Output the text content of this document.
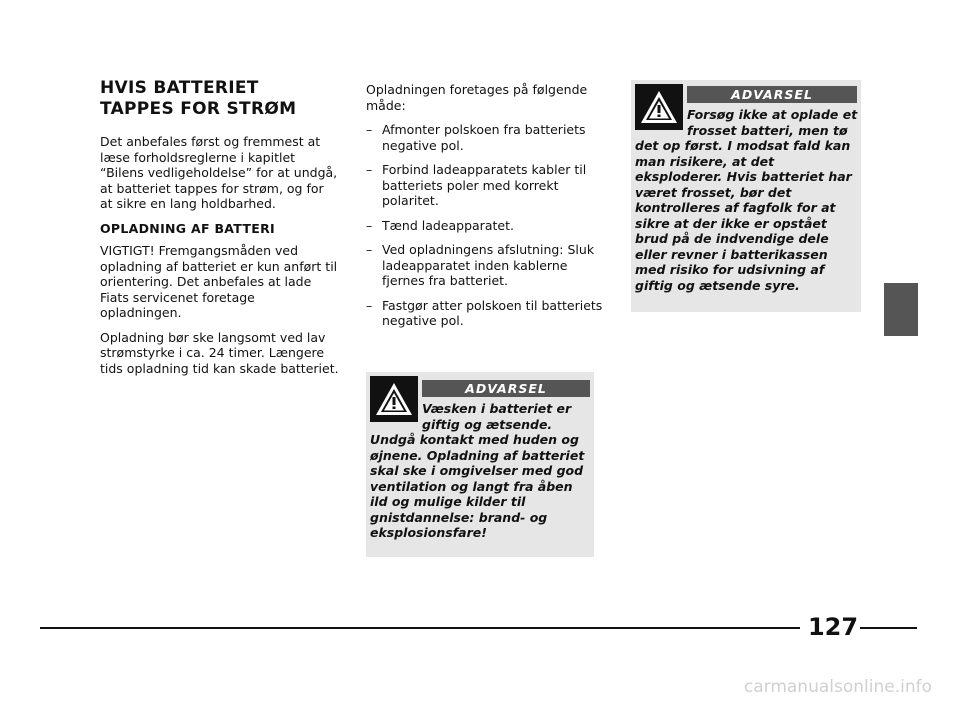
HVIS BATTERIET
TAPPES FOR STRØM

Det anbefales først og fremmest at læse forholdsreglerne i kapitlet “Bilens vedligeholdelse” for at undgå, at batteriet tappes for strøm, og for at sikre en lang holdbarhed.

OPLADNING AF BATTERI

VIGTIGT! Fremgangsmåden ved opladning af batteriet er kun anført til orientering. Det anbefales at lade Fiats servicenet foretage opladningen.

Opladning bør ske langsomt ved lav strømstyrke i ca. 24 timer. Længere tids opladning tid kan skade batteriet.

Opladningen foretages på følgende måde:

– Afmonter polskoen fra batteriets negative pol.
– Forbind ladeapparatets kabler til batteriets poler med korrekt polaritet.
– Tænd ladeapparatet.
– Ved opladningens afslutning: Sluk ladeapparatet inden kablerne fjernes fra batteriet.
– Fastgør atter polskoen til batteriets negative pol.
ADVARSEL
Væsken i batteriet er giftig og ætsende.
Undgå kontakt med huden og øjnene. Opladning af batteriet skal ske i omgivelser med god ventilation og langt fra åben ild og mulige kilder til gnistdannelse: brand- og eksplosionsfare!
ADVARSEL
Forsøg ikke at oplade et frosset batteri, men tø
det op først. I modsat fald kan man risikere, at det eksploderer. Hvis batteriet har været frosset, bør det kontrolleres af fagfolk for at sikre at der ikke er opstået brud på de indvendige dele eller revner i batterikassen med risiko for udsivning af giftig og ætsende syre.
127
carmanualsonline.info
